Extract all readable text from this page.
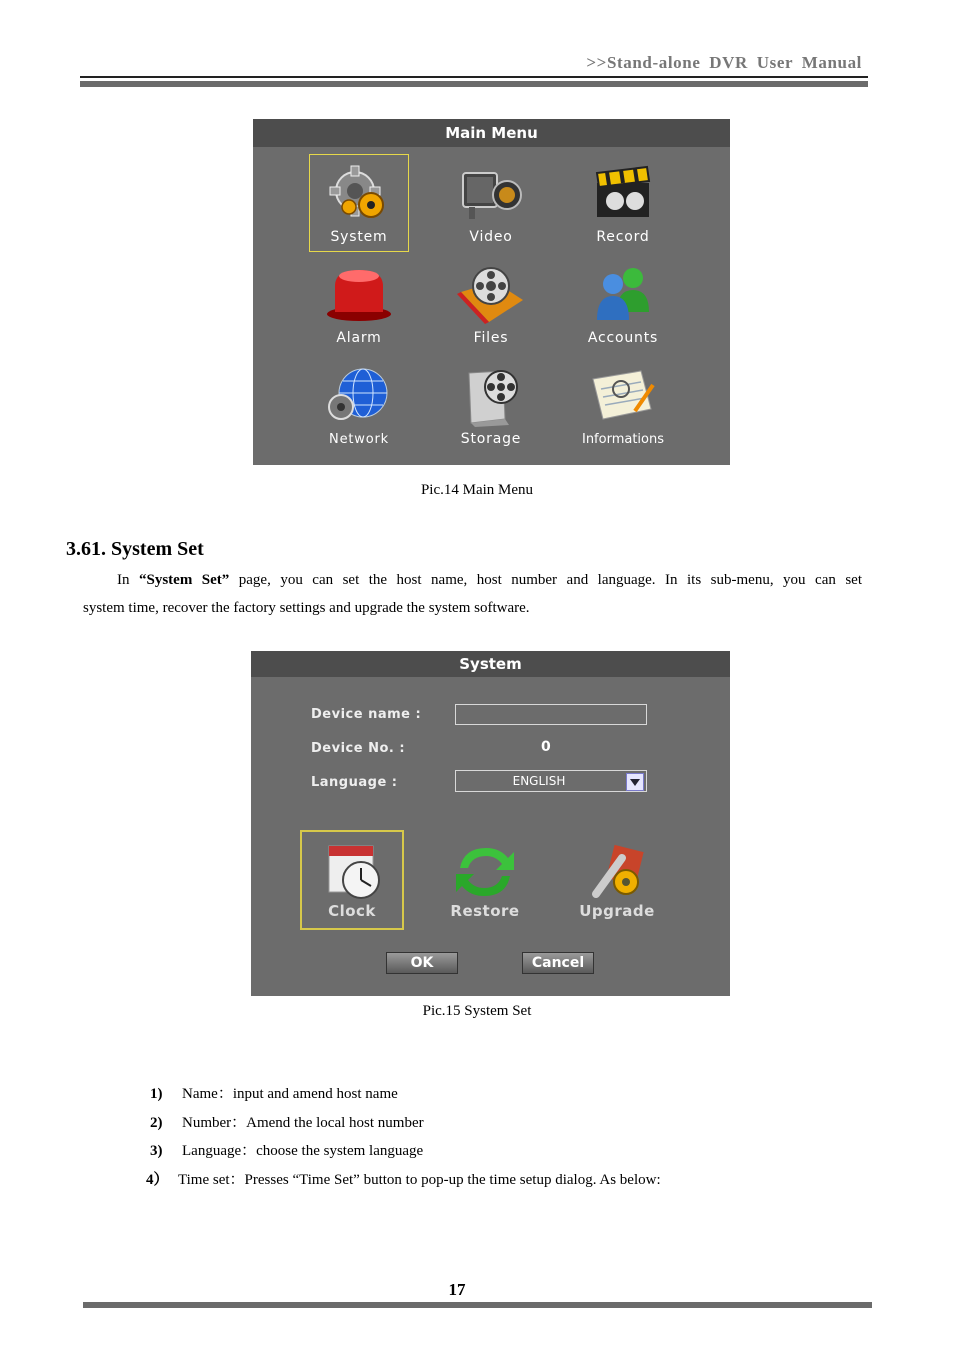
>>Stand-alone DVR User Manual
Main Menu
System	Video	Record
Alarm	Files	Accounts
Network	Storage	Informations
Pic.14 Main Menu
3.61. System Set
In “System Set” page, you can set the host name, host number and language. In its sub-menu, you can set
system time, recover the factory settings and upgrade the system software.
System
Device name :
Device No. :	0
Language :	ENGLISH
Clock	Restore	Upgrade
OK	Cancel
Pic.15 System Set
1) Name：input and amend host name
2) Number：Amend the local host number
3) Language：choose the system language
4） Time set：Presses “Time Set” button to pop-up the time setup dialog. As below:
17
